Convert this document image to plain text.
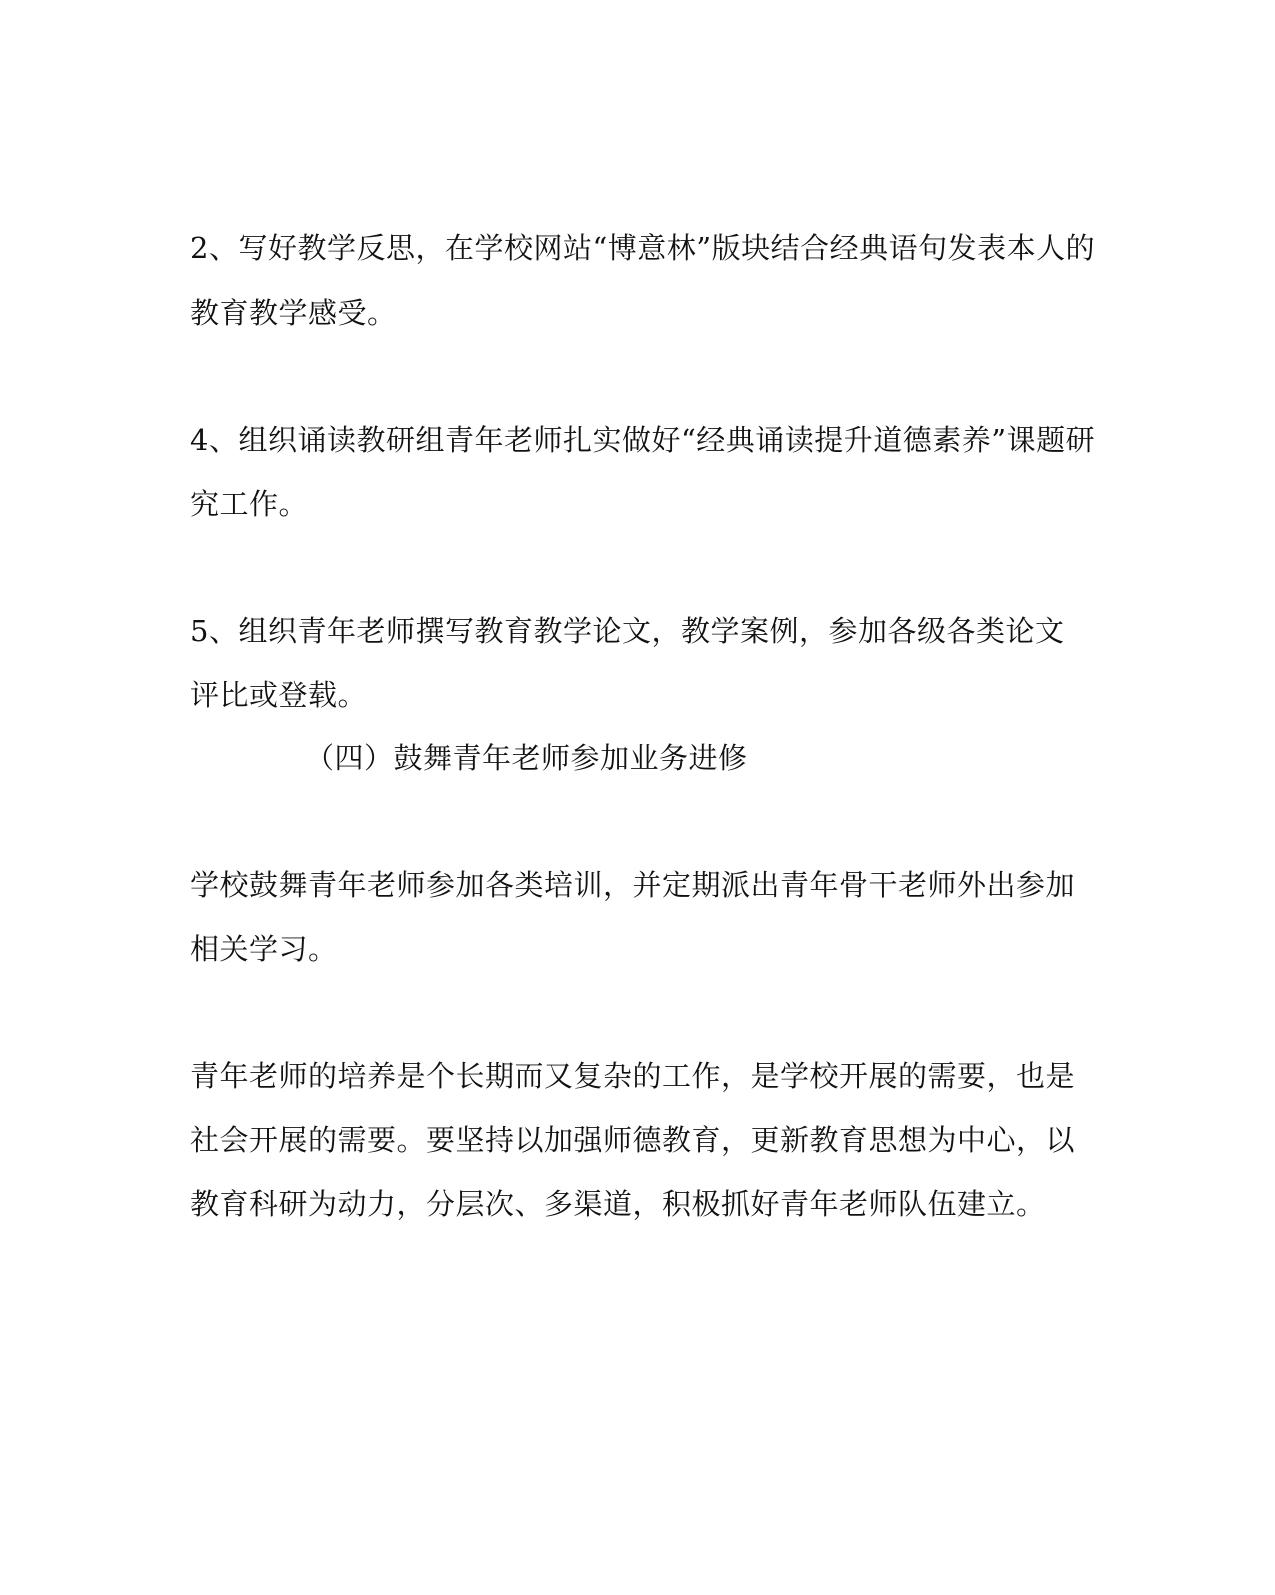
2、写好教学反思，在学校网站“博意林”版块结合经典语句发表本人的
教育教学感受。
4、组织诵读教研组青年老师扎实做好“经典诵读提升道德素养”课题研
究工作。
5、组织青年老师撰写教育教学论文，教学案例，参加各级各类论文
评比或登载。
（四）鼓舞青年老师参加业务进修
学校鼓舞青年老师参加各类培训，并定期派出青年骨干老师外出参加
相关学习。
青年老师的培养是个长期而又复杂的工作，是学校开展的需要，也是
社会开展的需要。要坚持以加强师德教育，更新教育思想为中心，以
教育科研为动力，分层次、多渠道，积极抓好青年老师队伍建立。
